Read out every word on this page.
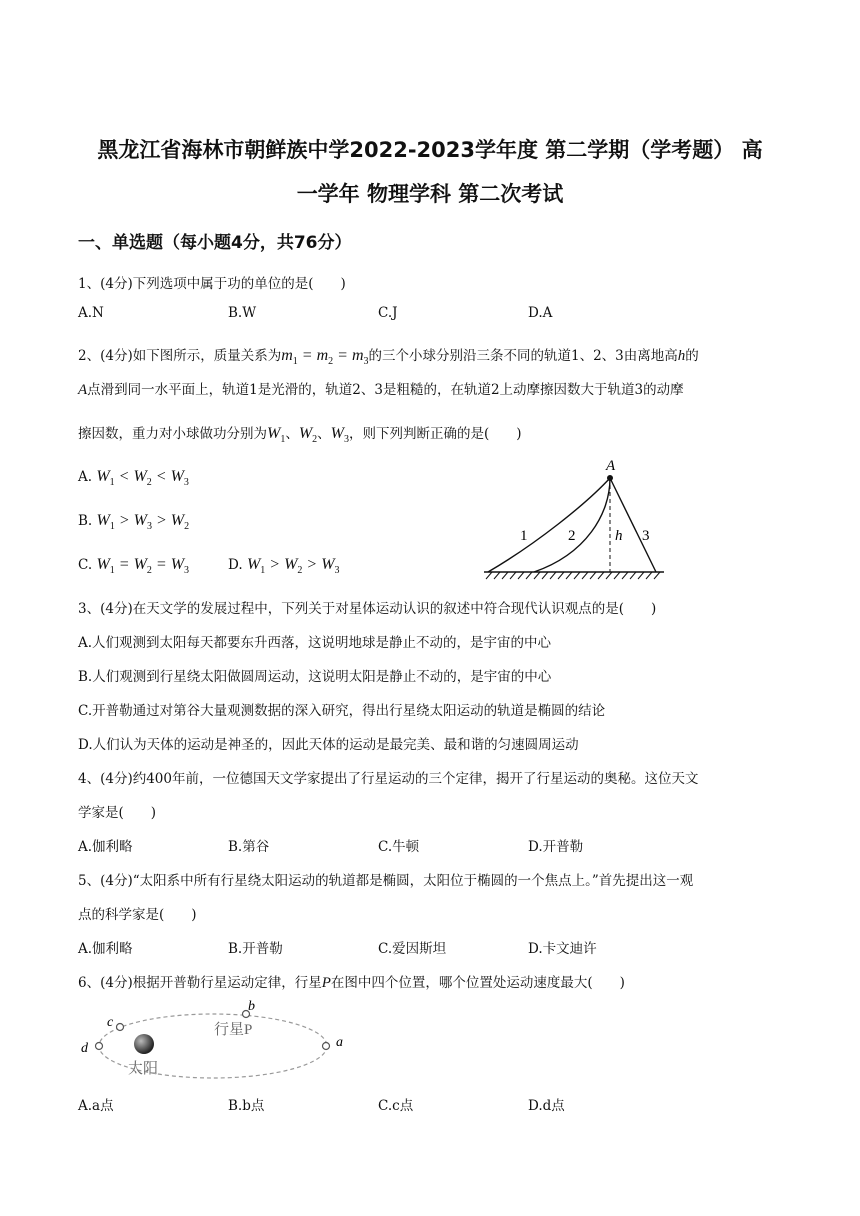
黑龙江省海林市朝鲜族中学2022-2023学年度 第二学期（学考题） 高
一学年 物理学科 第二次考试
一、单选题（每小题4分，共76分）
1、(4分)下列选项中属于功的单位的是(　　)
A.N	B.W	C.J	D.A
2、(4分)如下图所示，质量关系为$m_1 = m_2 = m_3$的三个小球分别沿三条不同的轨道1、2、3由离地高h的
A点滑到同一水平面上，轨道1是光滑的，轨道2、3是粗糙的，在轨道2上动摩擦因数大于轨道3的动摩
擦因数，重力对小球做功分别为$W_1$、$W_2$、$W_3$，则下列判断正确的是(　　)
A. $W_1 < W_2 < W_3$
B. $W_1 > W_3 > W_2$
C. $W_1 = W_2 = W_3$	D. $W_1 > W_2 > W_3$
A
1	2	h 3
3、(4分)在天文学的发展过程中，下列关于对星体运动认识的叙述中符合现代认识观点的是(　　)
A.人们观测到太阳每天都要东升西落，这说明地球是静止不动的，是宇宙的中心
B.人们观测到行星绕太阳做圆周运动，这说明太阳是静止不动的，是宇宙的中心
C.开普勒通过对第谷大量观测数据的深入研究，得出行星绕太阳运动的轨道是椭圆的结论
D.人们认为天体的运动是神圣的，因此天体的运动是最完美、最和谐的匀速圆周运动
4、(4分)约400年前，一位德国天文学家提出了行星运动的三个定律，揭开了行星运动的奥秘。这位天文
学家是(　　)
A.伽利略	B.第谷	C.牛顿	D.开普勒
5、(4分)“太阳系中所有行星绕太阳运动的轨道都是椭圆，太阳位于椭圆的一个焦点上。”首先提出这一观
点的科学家是(　　)
A.伽利略	B.开普勒	C.爱因斯坦	D.卡文迪许
6、(4分)根据开普勒行星运动定律，行星P在图中四个位置，哪个位置处运动速度最大(　　)
太阳
a
b
行星P
c
d
A.a点	B.b点	C.c点	D.d点
